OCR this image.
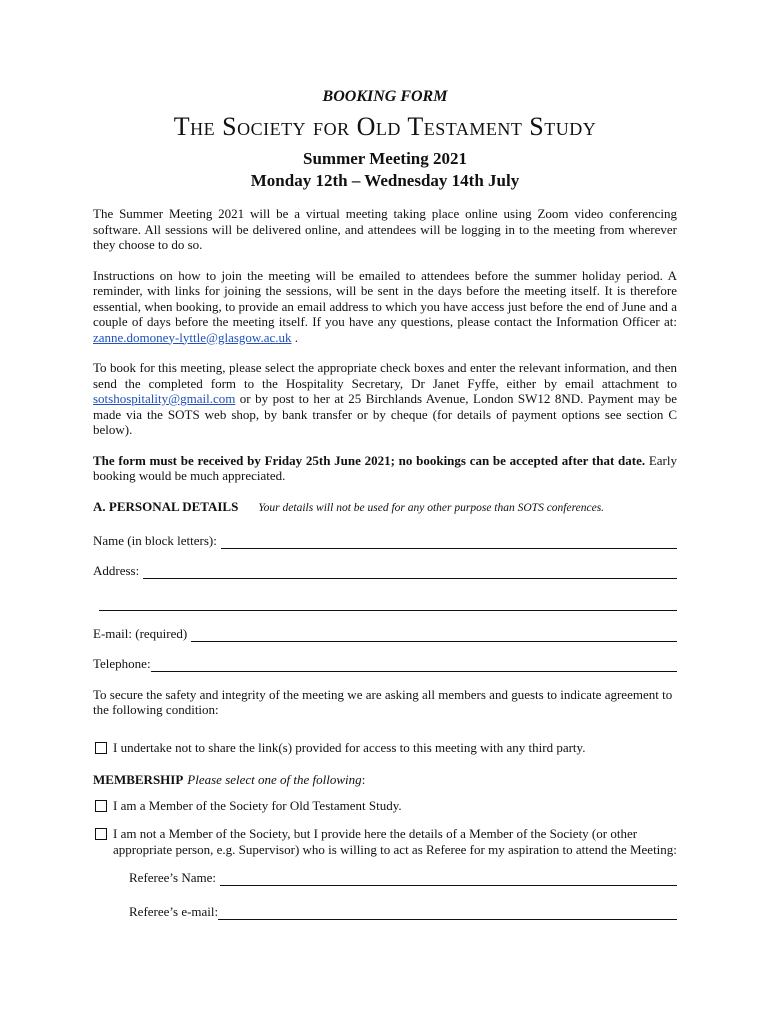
BOOKING FORM
The Society for Old Testament Study
Summer Meeting 2021
Monday 12th – Wednesday 14th July

The Summer Meeting 2021 will be a virtual meeting taking place online using Zoom video conferencing software. All sessions will be delivered online, and attendees will be logging in to the meeting from wherever they choose to do so.

Instructions on how to join the meeting will be emailed to attendees before the summer holiday period. A reminder, with links for joining the sessions, will be sent in the days before the meeting itself. It is therefore essential, when booking, to provide an email address to which you have access just before the end of June and a couple of days before the meeting itself. If you have any questions, please contact the Information Officer at: zanne.domoney-lyttle@glasgow.ac.uk .

To book for this meeting, please select the appropriate check boxes and enter the relevant information, and then send the completed form to the Hospitality Secretary, Dr Janet Fyffe, either by email attachment to sotshospitality@gmail.com or by post to her at 25 Birchlands Avenue, London SW12 8ND. Payment may be made via the SOTS web shop, by bank transfer or by cheque (for details of payment options see section C below).

The form must be received by Friday 25th June 2021; no bookings can be accepted after that date. Early booking would be much appreciated.

A. PERSONAL DETAILS Your details will not be used for any other purpose than SOTS conferences.
Name (in block letters):
Address:
E-mail: (required)
Telephone:

To secure the safety and integrity of the meeting we are asking all members and guests to indicate agreement to the following condition:

I undertake not to share the link(s) provided for access to this meeting with any third party.
MEMBERSHIP Please select one of the following:
I am a Member of the Society for Old Testament Study.
I am not a Member of the Society, but I provide here the details of a Member of the Society (or other appropriate person, e.g. Supervisor) who is willing to act as Referee for my aspiration to attend the Meeting:
Referee’s Name:
Referee’s e-mail:
